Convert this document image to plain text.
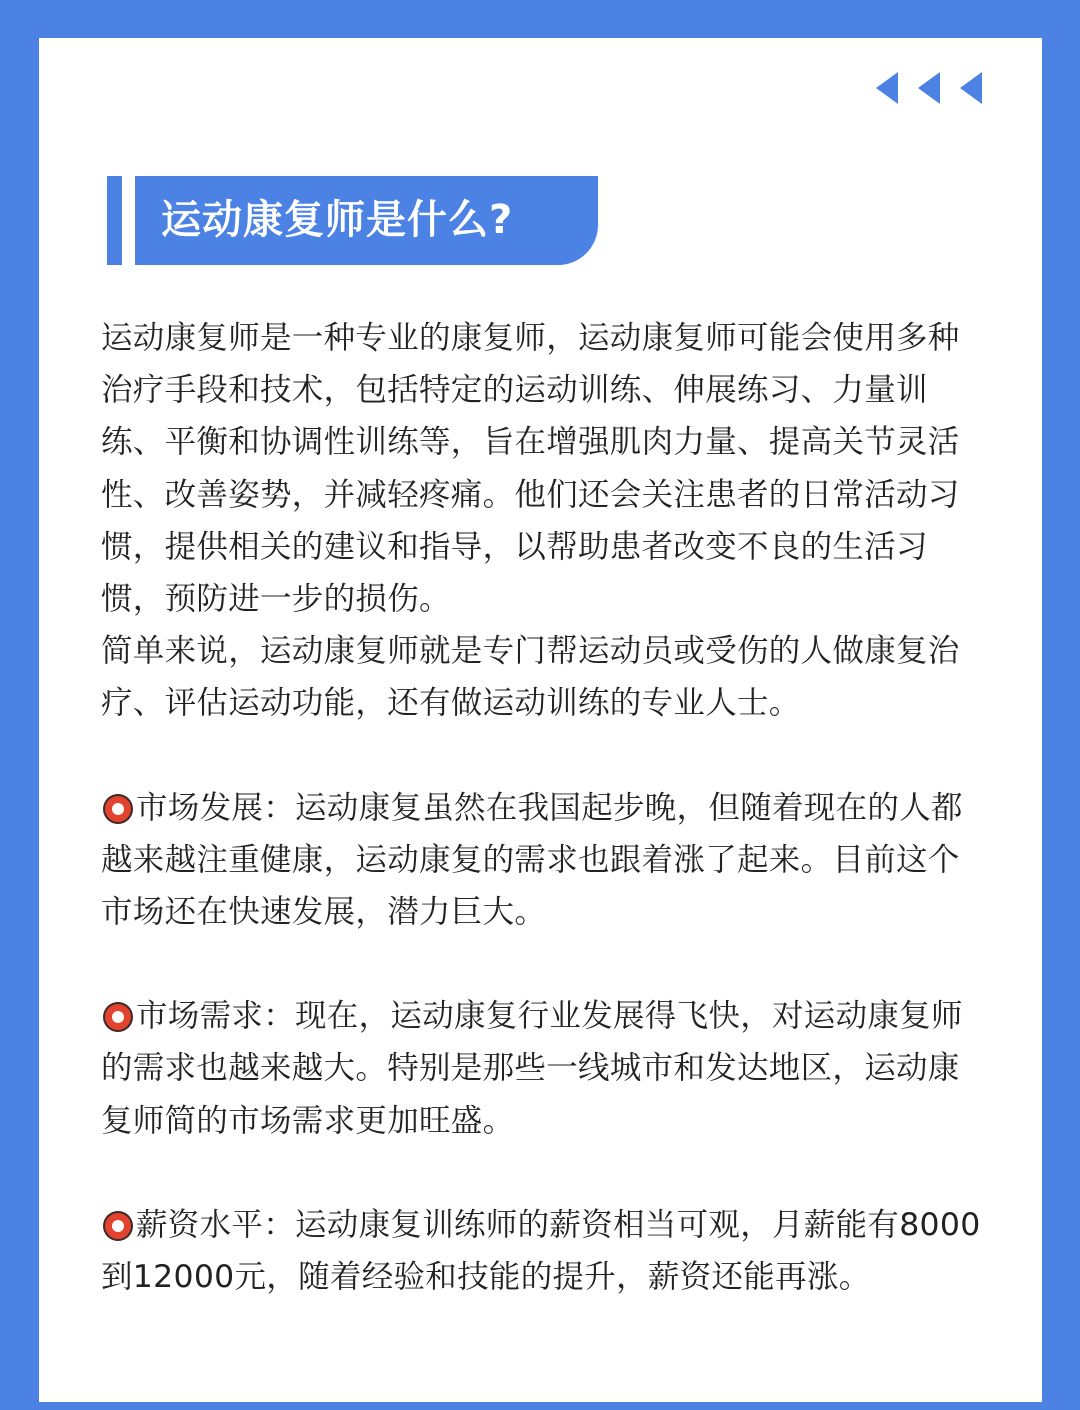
运动康复师是什么?

运动康复师是一种专业的康复师，运动康复师可能会使用多种治疗手段和技术，包括特定的运动训练、伸展练习、力量训练、平衡和协调性训练等，旨在增强肌肉力量、提高关节灵活性、改善姿势，并减轻疼痛。他们还会关注患者的日常活动习惯，提供相关的建议和指导，以帮助患者改变不良的生活习惯，预防进一步的损伤。

简单来说，运动康复师就是专门帮运动员或受伤的人做康复治疗、评估运动功能，还有做运动训练的专业人士。

市场发展：运动康复虽然在我国起步晚，但随着现在的人都越来越注重健康，运动康复的需求也跟着涨了起来。目前这个市场还在快速发展，潜力巨大。

市场需求：现在，运动康复行业发展得飞快，对运动康复师的需求也越来越大。特别是那些一线城市和发达地区，运动康复师简的市场需求更加旺盛。

薪资水平：运动康复训练师的薪资相当可观，月薪能有8000到12000元，随着经验和技能的提升，薪资还能再涨。
